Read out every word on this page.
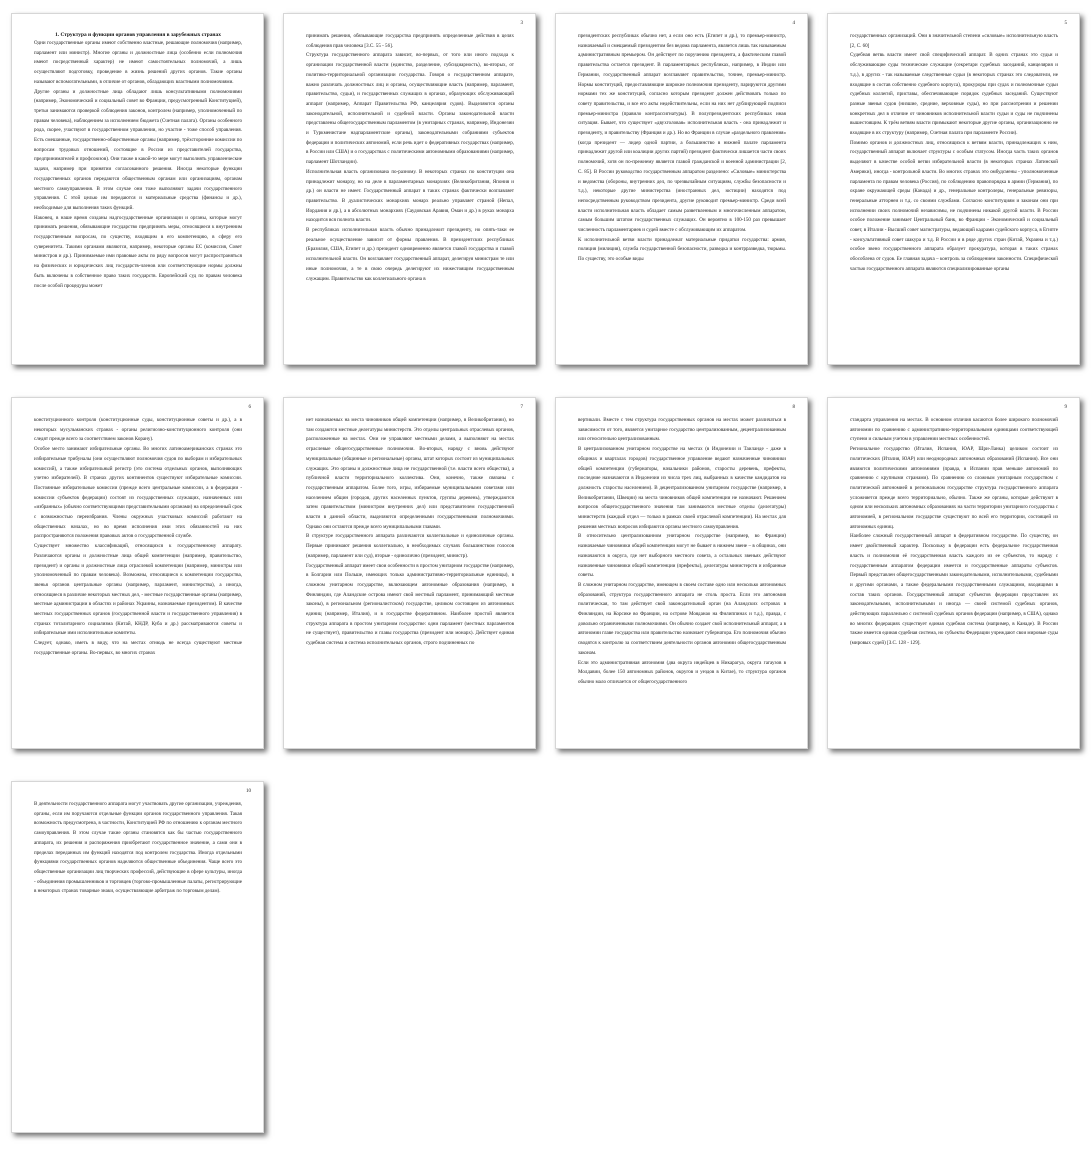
1. Структура и функции органов управления в зарубежных странах
Одни государственные органы имеют собственно властные, решающие полномочия (например, парламент или министр). Многие органы и должностные лица (особенно если полномочия имеют посредственный характер) не имеют самостоятельных полномочий, а лишь осуществляют подготовку, проведение в жизнь решений других органов. Такие органы называют вспомогательными, в отличие от органов, обладающих властными полномочиями.
Другие органы и должностные лица обладают лишь консультативными полномочиями (например, Экономический и социальный совет во Франции, предусмотренный Конституцией), третьи занимаются проверкой соблюдения законов, контролем (например, уполномоченный по правам человека), наблюдением за исполнением бюджета (Счетная палата). Органы особенного рода, скорее, участвуют в государственном управлении, но участие - тоже способ управления. Есть смешанные, государственно-общественные органы (например, трёхсторонние комиссии по вопросам трудовых отношений, состоящие в России из представителей государства, предпринимателей и профсоюзов). Они также в какой-то мере могут выполнять управленческие задачи, например при принятии согласованного решения. Иногда некоторые функции государственных органов передаются общественным органам или организациям, органам местного самоуправления. В этом случае они тоже выполняют задачи государственного управления. С этой целью им передаются и материальные средства (финансы и др.), необходимые для выполнения таких функций.
Наконец, в наше время созданы надгосударственные организации и органы, которые могут принимать решения, обязывающие государство предпринять меры, относящиеся к внутренним государственным вопросам, по существу, входящим в его компетенцию, в сферу его суверенитета. Такими органами являются, например, некоторые органы ЕС (комиссия, Совет министров и др.). Принимаемые ими правовые акты по ряду вопросов могут распространяться на физических и юридических лиц государств-членов или соответствующие нормы должны быть включены в собственное право таких государств. Европейский суд по правам человека после особой процедуры может
3
принимать решения, обязывающие государства предпринять определенные действия в целях соблюдения прав человека [З.С. 55 - 56].
Структура государственного аппарата зависит, во-первых, от того или иного подхода к организации государственной власти (единство, разделение, субсидиарность), во-вторых, от политико-территориальной организации государства. Говоря о государственном аппарате, важно различать должностных лиц и органы, осуществляющие власть (например, парламент, правительство, судьи), и государственных служащих в органах, образующих обслуживающий аппарат (например, Аппарат Правительства РФ, канцелярия судов). Выделяются органы законодательной, исполнительной и судебной власти. Органы законодательной власти представлены общегосударственным парламентом (в унитарных странах, например, Индонезии и Туркменистане надпарламентские органы), законодательными собраниями субъектов федерации и политических автономий, если речь идет о федеративных государствах (например, в России или США) и о государствах с политическими автономными образованиями (например, парламент Шотландии).
Исполнительная власть организована по-разному. В некоторых странах по конституции она принадлежит монарху, но на деле в парламентарных монархиях (Великобритания, Япония и др.) он власти не имеет. Государственный аппарат в таких странах фактически возглавляет правительство. В дуалистических монархиях монарх реально управляет страной (Непал, Иордания и др.), а в абсолютных монархиях (Саудовская Аравия, Оман и др.) в руках монарха находится вся полнота власти.
В республиках исполнительная власть обычно принадлежит президенту, но опять-таки ее реальное осуществление зависит от формы правления. В президентских республиках (Бразилия, США, Египет и др.) президент одновременно является главой государства и главой исполнительной власти. Он возглавляет государственный аппарат, делегируя министрам те или иные полномочия, а те в свою очередь делегируют их нижестоящим государственным служащим. Правительство как коллегиального органа в
4
президентских республиках обычно нет, а если оно есть (Египет и др.), то премьер-министр, назначаемый и смещаемый президентом без ведома парламента, является лишь так называемым административным премьером. Он действует по поручению президента, а фактическим главой правительства остается президент. В парламентарных республиках, например, в Индии или Германии, государственный аппарат возглавляет правительство, точнее, премьер-министр. Нормы конституций, предоставляющие широкие полномочия президенту, парируются другими нормами тех же конституций, согласно которым президент должен действовать только по совету правительства, и все его акты недействительны, если на них нет дублирующей подписи премьер-министра (правило контрассигнатуры). В полупрезидентских республиках иная ситуация. Бывает, что существует «двухголовая» исполнительная власть - она принадлежит и президенту, и правительству (Франция и др.). Но во Франции в случае «раздельного правления» (когда президент — лидер одной партии, а большинство в нижней палате парламента принадлежит другой или коалиции других партий) президент фактически лишается части своих полномочий, хотя он по-прежнему является главой гражданской и военной администрации [2, С. 85]. В России руководство государственным аппаратом разделено: «Силовые» министерства и ведомства (обороны, внутренних дел, по чрезвычайным ситуациям, службы безопасности и т.д.), некоторые другие министерства (иностранных дел, юстиции) находятся под непосредственным руководством президента, другие руководит премьер-министр. Среди всей власти исполнительная власть обладает самым разветвленным и многочисленным аппаратом, самым большим штатом государственных служащих. Он вероятно в 100-150 раз превышает численность парламентариев и судей вместе с обслуживающим их аппаратом.
К исполнительной ветви власти принадлежат материальные придатки государства: армия, полиция (милиция), служба государственной безопасности, разведка и контрразведка, тюрьмы. По существу, это особые виды
5
государственных организаций. Они в значительной степени «силовые» исполнительную власть [2, С. 60]
Судебная ветвь власти имеет свой специфический аппарат. В одних странах это судьи и обслуживающие суды технические служащие (секретари судебных заседаний, канцелярия и т.д.), в других - так называемые следственные судьи (в некоторых странах это следователи, не входящие в состав собственно судебного корпуса), прокуроры при судах и полномочные судьи судебных коллегий, приставы, обеспечивающие порядок судебных заседаний. Существуют разные звенья судов (низшие, средние, верховные суды), но при рассмотрении и решении конкретных дел в отличие от чиновников исполнительной власти судьи и суды не подчинены вышестоящим. К трём ветвям власти примыкают некоторые другие органы, организационно не входящие в их структуру (например, Счетная палата при парламенте России).
Помимо органов и должностных лиц, относящихся к ветвям власти, принадлежащих к ним, государственный аппарат включает структуры с особым статусом. Иногда часть таких органов выделяют в качестве особой ветви избирательной власти (в некоторых странах Латинской Америки), иногда - контрольной власти. Во многих странах это омбудсмены - уполномоченные парламента по правам человека (Россия), по соблюдению правопорядка в армии (Германия), по охране окружающей среды (Канада) и др., генеральные контролеры, генеральные ревизоры, генеральные атторнеи и т.д. со своими службами. Согласно конституциям и законам они при исполнении своих полномочий независимы, не подчинены никакой другой власти. В России особое положение занимает Центральный банк, во Франции - Экономический и социальный совет, в Италии - Высший совет магистратуры, ведающий кадрами судейского корпуса, в Египте - консультативный совет шакура и т.д. В России и в ряде других стран (Китай, Украина и т.д.) особое звено государственного аппарата образует прокуратура, которая в таких странах обособлена от судов. Ее главная задача – контроль за соблюдением законности. Специфической частью государственного аппарата являются специализированные органы
6
конституционного контроля (конституционные суды, конституционные советы и др.), а в некоторых мусульманских странах - органы религиозно-конституционного контроля (они следят прежде всего за соответствием законов Корану).
Особое место занимают избирательные органы. Во многих латиноамериканских странах это избирательные трибуналы (они осуществляют полномочия судов по выборам и избирательных комиссий), а также избирательный регистр (это система отдельных органов, выполняющих учетно избирателей). В странах других континентов существуют избирательные комиссии. Постоянные избирательные комиссии (прежде всего центральные комиссии, а в федерации - комиссии субъектов федерации) состоят из государственных служащих, назначенных или «избранных» (обычно соответствующими представительными органами) на определенный срок с возможностью переизбрания. Члены окружных участковых комиссий работают на общественных началах, но во время исполнения ими этих обязанностей на них распространяются положения правовых актов о государственной службе.
Существует множество классификаций, относящихся к государственному аппарату. Различаются органы и должностные лица общей компетенции (например, правительство, президент) и органы и должностные лица отраслевой компетенции (например, министры или уполномоченный по правам человека). Возможны, относящиеся к компетенции государства, звенья органов центральные органы (например, парламент, министерства), а иногда, относящиеся в различие некоторых местных дел, - местные государственные органы (например, местные администрации в областях и районах Украины, назначаемые президентом). В качестве местных государственных органов (государственной власти и государственного управления) в странах тоталитарного социализма (Китай, КНДР, Куба и др.) рассматриваются советы и избирательные ими исполнительные комитеты.
Следует, однако, иметь в виду, что на местах отнюдь не всегда существуют местные государственные органы. Во-первых, во многих странах
7
нет назначаемых на места чиновников общей компетенции (например, в Великобритании), но там создаются местные делегатуры министерств. Это отделы центральных отраслевых органов, расположенные на местах. Они не управляют местными делами, а выполняют на местах отраслевые общегосударственные полномочия. Во-вторых, наряду с вновь действуют муниципальные (общинные и региональные) органы, штат которых состоит из муниципальных служащих. Это органы и должностные лица не государственной (т.е. власти всего общества), а публичной власти территориального коллектива. Они, конечно, также связаны с государственным аппаратом. Более того, игры, избираемые муниципальными советами или населением общин (городов, других населенных пунктов, группы деревень), утверждаются затем правительством (министром внутренних дел) или представителем государственной власти в данной области, выделяются определенными государственными полномочиями. Однако они остаются прежде всего муниципальными главами.
В структуре государственного аппарата различаются коллегиальные и единоличные органы. Первые принимают решения коллегиально, в необходимых случаях большинством голосов (например, парламент или суд), вторые - единолично (президент, министр).
Государственный аппарат имеет свои особенности в простом унитарном государстве (например, в Болгарии или Польше, имеющих только административно-территориальные единицы), в сложном унитарном государстве, включающем автономные образования (например, в Финляндии, где Аландские острова имеют свой местный парламент, принимающий местные законы), в региональном (регионалистском) государстве, целиком состоящем из автономных единиц (например, Италия), и в государстве федеративном. Наиболее простой является структура аппарата в простом унитарном государстве: одни парламент (местных парламентов не существует), правительство и главы государства (президент или монарх). Действует единая судебная система и система исполнительных органов, строго подчиненных по
8
вертикали. Вместе с тем структура государственных органов на местах может различаться в зависимости от того, является унитарное государство централизованным, децентрализованным или относительно централизованным.
В централизованном унитарном государстве на местах (в Индонезии и Таиланде - даже в общинах и кварталах городов) государственное управление ведают назначенные чиновники общей компетенции (губернаторы, начальники районов, старосты деревень, префекты, последние назначаются в Индонезии из числа трех лиц, выбранных в качестве кандидатов на должность старосты населением). В децентрализованном унитарном государстве (например, в Великобритании, Швеции) на места чиновников общей компетенции не назначают. Решением вопросов общегосударственного значения там занимаются местные отделы (делегатуры) министерств (каждый отдел — только в рамках своей отраслевой компетенции). На местах для решения местных вопросов избираются органы местного самоуправления.
В относительно централизованном унитарном государстве (например, во Франции) назначаемые чиновники общей компетенции могут не бывает в нижнем звене – в общинах, они назначаются в округа, где нет выборного местного совета, а остальных звеньях действуют назначенные чиновники общей компетенции (префекты), делегатуры министерств и избранные советы.
В сложном унитарном государстве, имеющем в своем составе одно или несколько автономных образований, структура государственного аппарата не столь проста. Если это автономия политическая, то там действует свой законодательный орган (на Аландских островах в Финляндии, на Корсике во Франции, на острове Мояданао на Филиппинах и т.д.), правда, с довольно ограниченными полномочиями. Он обычно создает свой исполнительный аппарат, а в автономии главе государства или правительство назначает губернатора. Его полномочия обычно сводятся к контролю за соответствием деятельности органов автономии общегосударственным законам.
Если это административная автономия (два округа индейцев в Никарагуа, округа гагаузов в Молдавии, более 150 автономных районов, округов и уездов в Китае), то структура органов обычно мало отличается от общегосударственного
9
стандарта управления на местах. В основном отличия касаются более широкого полномочий автономии по сравнению с административно-территориальными единицами соответствующей ступени и сильным учетом в управлении местных особенностей.
Региональное государство (Италия, Испания, ЮАР, Шри-Ланка) целиком состоит из политических (Италия, ЮАР) или неоднородных автономных образований (Испания). Все они являются политическими автономиями (правда, в Испании прав меньше автономий по сравнению с крупными странами). По сравнению со сложным унитарным государством с политической автономией в региональном государстве структура государственного аппарата усложняется прежде всего территориально, обычно. Также же органы, которые действуют в одном или нескольких автономных образованиях на части территории унитарного государства с автономией, в региональном государстве существуют по всей его территории, состоящей из автономных единиц.
Наиболее сложный государственный аппарат в федеративном государстве. По существу, он имеет двойственный характер. Поскольку в федерации есть федеральное государственная власть и полномочия её государственная власть каждого из ее субъектов, то наряду с государственным аппаратом федерации имеется и государственные аппараты субъектов. Первый представлен общегосударственными законодательными, исполнительными, судебными и другими органами, а также федеральными государственными служащими, входящими в состав таких органов. Государственный аппарат субъектов федерации представлен их законодательными, исполнительными и иногда — своей системой судебных органов, действующих параллельно с системой судебных органов федерации (например, в США), однако во многих федерациях существует единая судебная система (например, в Канаде). В России также имеется единая судебная система, но субъекты Федерации учреждают свои мировые суды (мировых судей) [З.С. 128 - 129].
10
В деятельности государственного аппарата могут участвовать другие организации, учреждения, органы, если им поручаются отдельные функции органов государственного управления. Такая возможность предусмотрена, в частности, Конституцией РФ по отношению к органам местного самоуправления. В этом случае такие органы становятся как бы частью государственного аппарата, их решения и распоряжения приобретают государственное значение, а сами они в пределах переданных им функций находятся под контролем государства. Иногда отдельными функциями государственных органов наделяются общественные объединения. Чаще всего это общественные организации лиц творческих профессий, действующие в сфере культуры, иногда - объединения промышленников и торговцев (торгово-промышленные палаты, регистрирующие в некоторых странах товарные знаки, осуществляющие арбитраж по торговым делам).
